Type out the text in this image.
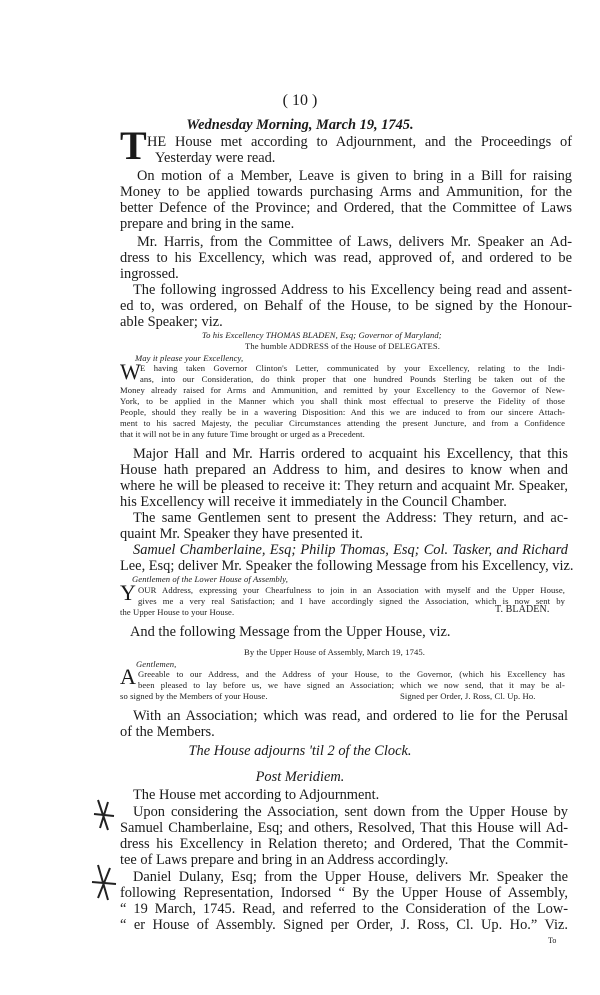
( 10 )
Wednesday Morning, March 19, 1745.
T HE House met according to Adjournment, and the Proceedings of
Yesterday were read.
On motion of a Member, Leave is given to bring in a Bill for raising
Money to be applied towards purchasing Arms and Ammunition, for the
better Defence of the Province; and Ordered, that the Committee of Laws
prepare and bring in the same.
Mr. Harris, from the Committee of Laws, delivers Mr. Speaker an Ad-
dress to his Excellency, which was read, approved of, and ordered to be
ingrossed.
The following ingrossed Address to his Excellency being read and assent-
ed to, was ordered, on Behalf of the House, to be signed by the Honour-
able Speaker; viz.
To his Excellency THOMAS BLADEN, Esq; Governor of Maryland;
The humble ADDRESS of the House of DELEGATES.
May it please your Excellency,
W E having taken Governor Clinton's Letter, communicated by your Excellency, relating to the Indi-
ans, into our Consideration, do think proper that one hundred Pounds Sterling be taken out of the
Money already raised for Arms and Ammunition, and remitted by your Excellency to the Governor of New-
York, to be applied in the Manner which you shall think most effectual to preserve the Fidelity of those
People, should they really be in a wavering Disposition: And this we are induced to from our sincere Attach-
ment to his sacred Majesty, the peculiar Circumstances attending the present Juncture, and from a Confidence
that it will not be in any future Time brought or urged as a Precedent.
Major Hall and Mr. Harris ordered to acquaint his Excellency, that this
House hath prepared an Address to him, and desires to know when and
where he will be pleased to receive it: They return and acquaint Mr. Speaker,
his Excellency will receive it immediately in the Council Chamber.
The same Gentlemen sent to present the Address: They return, and ac-
quaint Mr. Speaker they have presented it.
Samuel Chamberlaine, Esq; Philip Thomas, Esq; Col. Tasker, and Richard
Lee, Esq; deliver Mr. Speaker the following Message from his Excellency, viz.
Gentlemen of the Lower House of Assembly,
Y OUR Address, expressing your Chearfulness to join in an Association with myself and the Upper House,
gives me a very real Satisfaction; and I have accordingly signed the Association, which is now sent by
the Upper House to your House.	T. BLADEN.
And the following Message from the Upper House, viz.
By the Upper House of Assembly, March 19, 1745.
Gentlemen,
A Greeable to our Address, and the Address of your House, to the Governor, (which his Excellency has
been pleased to lay before us, we have signed an Association; which we now send, that it may be al-
so signed by the Members of your House.	Signed per Order, J. Ross, Cl. Up. Ho.
With an Association; which was read, and ordered to lie for the Perusal
of the Members.
The House adjourns 'til 2 of the Clock.
Post Meridiem.
The House met according to Adjournment.
Upon considering the Association, sent down from the Upper House by
Samuel Chamberlaine, Esq; and others, Resolved, That this House will Ad-
dress his Excellency in Relation thereto; and Ordered, That the Commit-
tee of Laws prepare and bring in an Address accordingly.
Daniel Dulany, Esq; from the Upper House, delivers Mr. Speaker the
following Representation, Indorsed “ By the Upper House of Assembly,
“ 19 March, 1745. Read, and referred to the Consideration of the Low-
“ er House of Assembly. Signed per Order, J. Ross, Cl. Up. Ho.” Viz.
To
